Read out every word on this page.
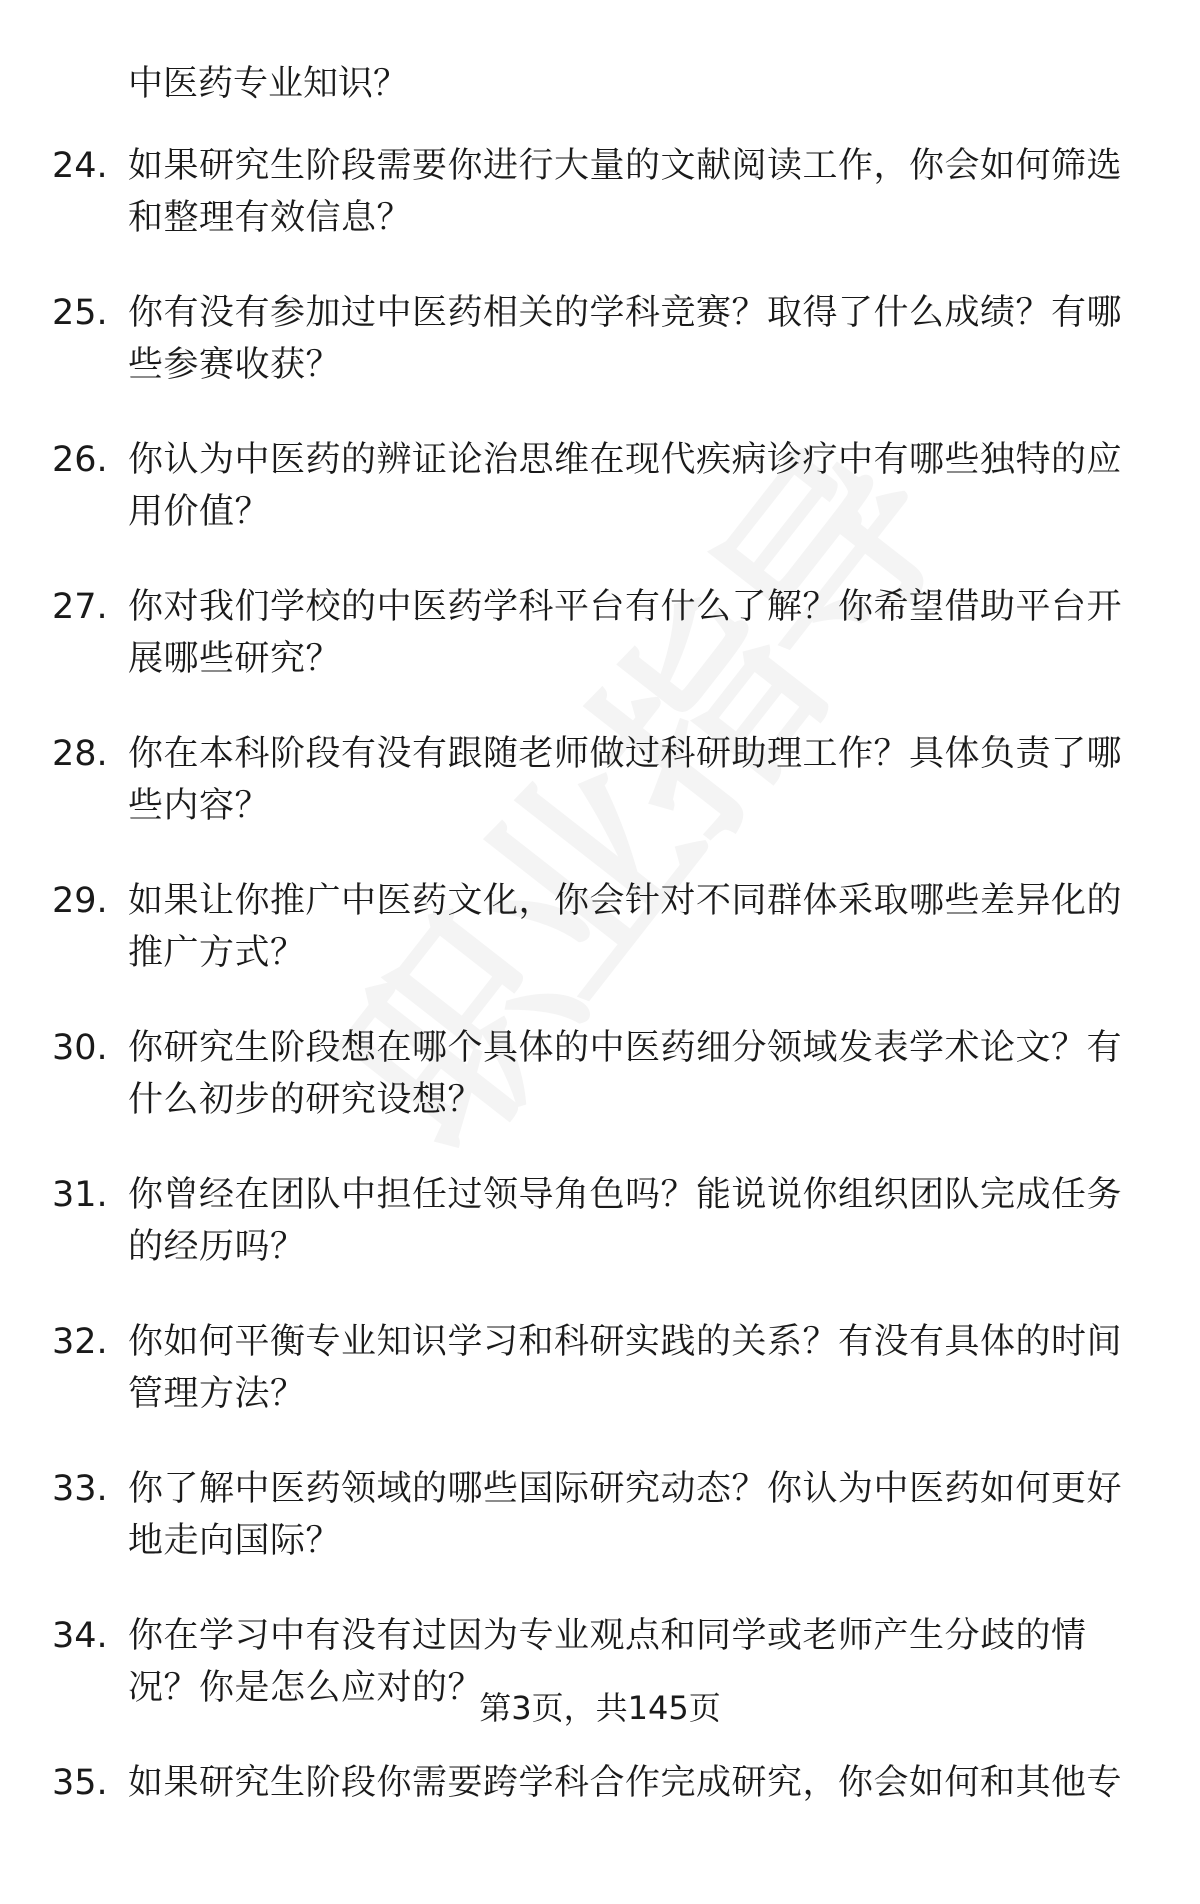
中医药专业知识？
24. 如果研究生阶段需要你进行大量的文献阅读工作，你会如何筛选和整理有效信息？
25. 你有没有参加过中医药相关的学科竞赛？取得了什么成绩？有哪些参赛收获？
26. 你认为中医药的辨证论治思维在现代疾病诊疗中有哪些独特的应用价值？
27. 你对我们学校的中医药学科平台有什么了解？你希望借助平台开展哪些研究？
28. 你在本科阶段有没有跟随老师做过科研助理工作？具体负责了哪些内容？
29. 如果让你推广中医药文化，你会针对不同群体采取哪些差异化的推广方式？
30. 你研究生阶段想在哪个具体的中医药细分领域发表学术论文？有什么初步的研究设想？
31. 你曾经在团队中担任过领导角色吗？能说说你组织团队完成任务的经历吗？
32. 你如何平衡专业知识学习和科研实践的关系？有没有具体的时间管理方法？
33. 你了解中医药领域的哪些国际研究动态？你认为中医药如何更好地走向国际？
34. 你在学习中有没有过因为专业观点和同学或老师产生分歧的情况？你是怎么应对的？
35. 如果研究生阶段你需要跨学科合作完成研究，你会如何和其他专
第3页，共145页
